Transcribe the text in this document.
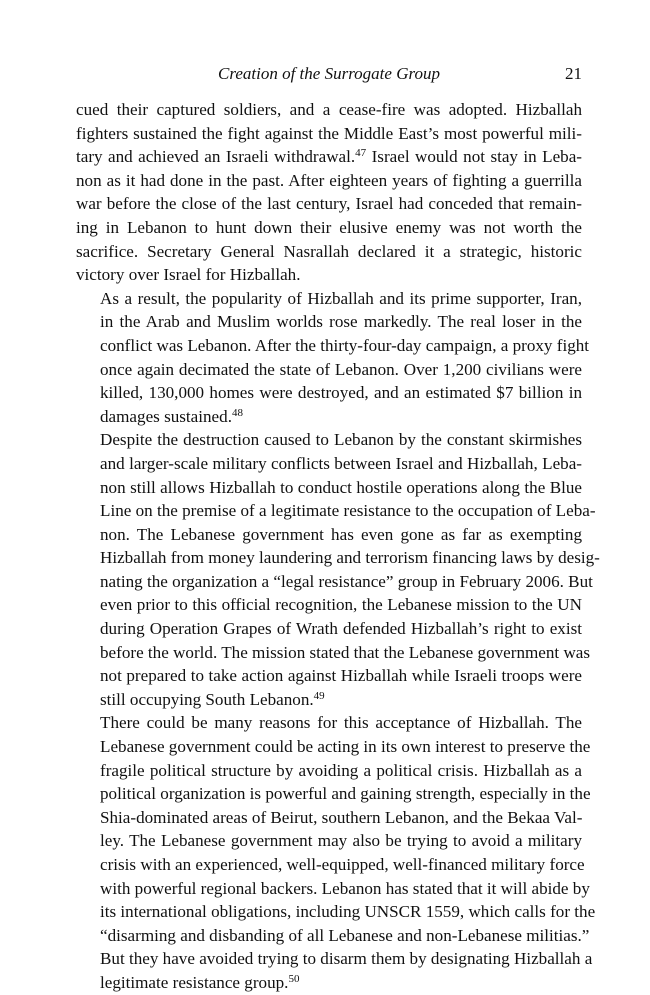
Creation of the Surrogate Group	21

cued their captured soldiers, and a cease-fire was adopted. Hizballah
fighters sustained the fight against the Middle East’s most powerful mili-
tary and achieved an Israeli withdrawal.$^{47}$ Israel would not stay in Leba-
non as it had done in the past. After eighteen years of fighting a guerrilla
war before the close of the last century, Israel had conceded that remain-
ing in Lebanon to hunt down their elusive enemy was not worth the
sacrifice. Secretary General Nasrallah declared it a strategic, historic
victory over Israel for Hizballah.

As a result, the popularity of Hizballah and its prime supporter, Iran,
in the Arab and Muslim worlds rose markedly. The real loser in the
conflict was Lebanon. After the thirty-four-day campaign, a proxy fight
once again decimated the state of Lebanon. Over 1,200 civilians were
killed, 130,000 homes were destroyed, and an estimated $7 billion in
damages sustained.$^{48}$

Despite the destruction caused to Lebanon by the constant skirmishes
and larger-scale military conflicts between Israel and Hizballah, Leba-
non still allows Hizballah to conduct hostile operations along the Blue
Line on the premise of a legitimate resistance to the occupation of Leba-
non. The Lebanese government has even gone as far as exempting
Hizballah from money laundering and terrorism financing laws by desig-
nating the organization a “legal resistance” group in February 2006. But
even prior to this official recognition, the Lebanese mission to the UN
during Operation Grapes of Wrath defended Hizballah’s right to exist
before the world. The mission stated that the Lebanese government was
not prepared to take action against Hizballah while Israeli troops were
still occupying South Lebanon.$^{49}$

There could be many reasons for this acceptance of Hizballah. The
Lebanese government could be acting in its own interest to preserve the
fragile political structure by avoiding a political crisis. Hizballah as a
political organization is powerful and gaining strength, especially in the
Shia-dominated areas of Beirut, southern Lebanon, and the Bekaa Val-
ley. The Lebanese government may also be trying to avoid a military
crisis with an experienced, well-equipped, well-financed military force
with powerful regional backers. Lebanon has stated that it will abide by
its international obligations, including UNSCR 1559, which calls for the
“disarming and disbanding of all Lebanese and non-Lebanese militias.”
But they have avoided trying to disarm them by designating Hizballah a
legitimate resistance group.$^{50}$
